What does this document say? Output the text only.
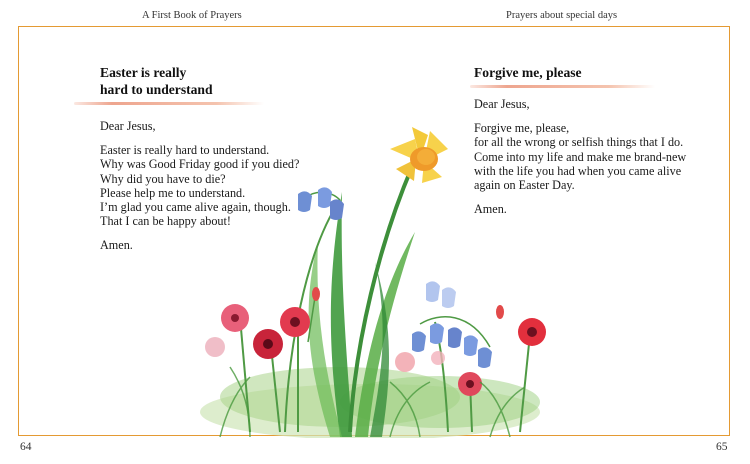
A First Book of Prayers	Prayers about special days
Easter is really
hard to understand

Dear Jesus,

Easter is really hard to understand.
Why was Good Friday good if you died?
Why did you have to die?
Please help me to understand.
I’m glad you came alive again, though.
That I can be happy about!

Amen.

Forgive me, please

Dear Jesus,

Forgive me, please,
for all the wrong or selfish things that I do.
Come into my life and make me brand-new
with the life you had when you came alive
again on Easter Day.

Amen.

64	65
